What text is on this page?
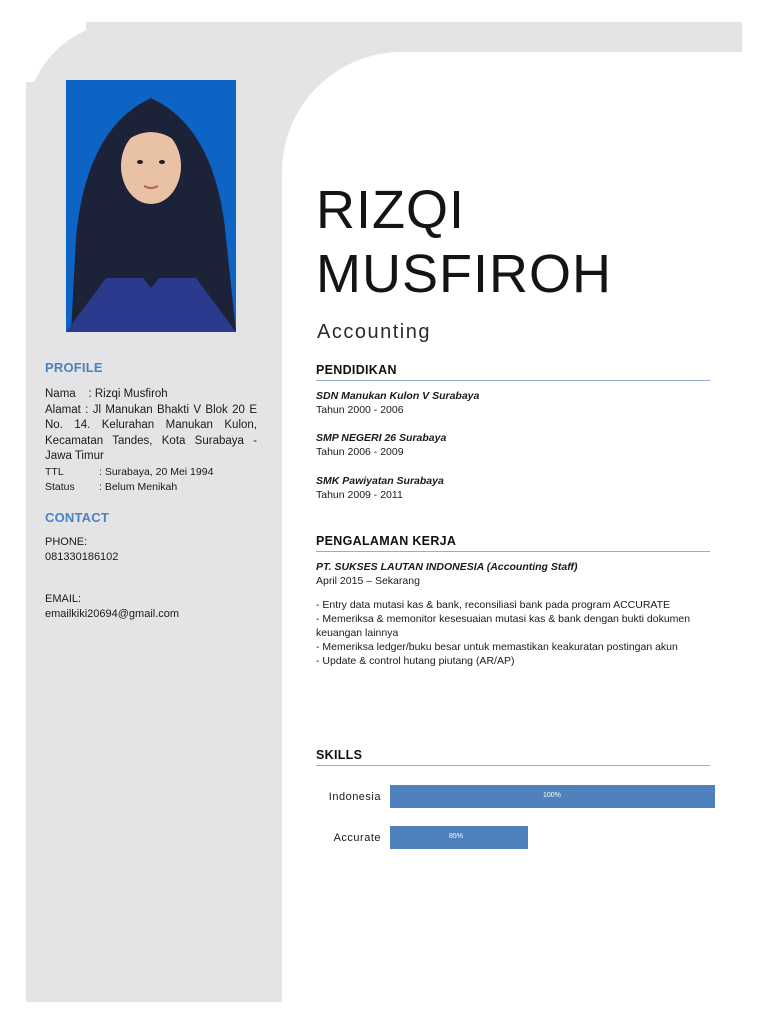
PROFILE
Nama    : Rizqi Musfiroh
Alamat : Jl Manukan Bhakti V Blok 20 E No. 14. Kelurahan Manukan Kulon, Kecamatan Tandes, Kota Surabaya - Jawa Timur
TTL	: Surabaya, 20 Mei 1994
Status	: Belum Menikah
CONTACT
PHONE:
081330186102
EMAIL:
emailkiki20694@gmail.com
RIZQI
MUSFIROH
Accounting
PENDIDIKAN
SDN Manukan Kulon V Surabaya
Tahun 2000 - 2006
SMP NEGERI 26 Surabaya
Tahun 2006 - 2009
SMK Pawiyatan Surabaya
Tahun 2009 - 2011
PENGALAMAN KERJA
PT. SUKSES LAUTAN INDONESIA (Accounting Staff)
April 2015 – Sekarang
- Entry data mutasi kas & bank, reconsiliasi bank pada program ACCURATE
- Memeriksa & memonitor kesesuaian mutasi kas & bank dengan bukti dokumen keuangan lainnya
- Memeriksa ledger/buku besar untuk memastikan keakuratan postingan akun
- Update & control hutang piutang (AR/AP)
SKILLS
Indonesia	100%
Accurate	85%
